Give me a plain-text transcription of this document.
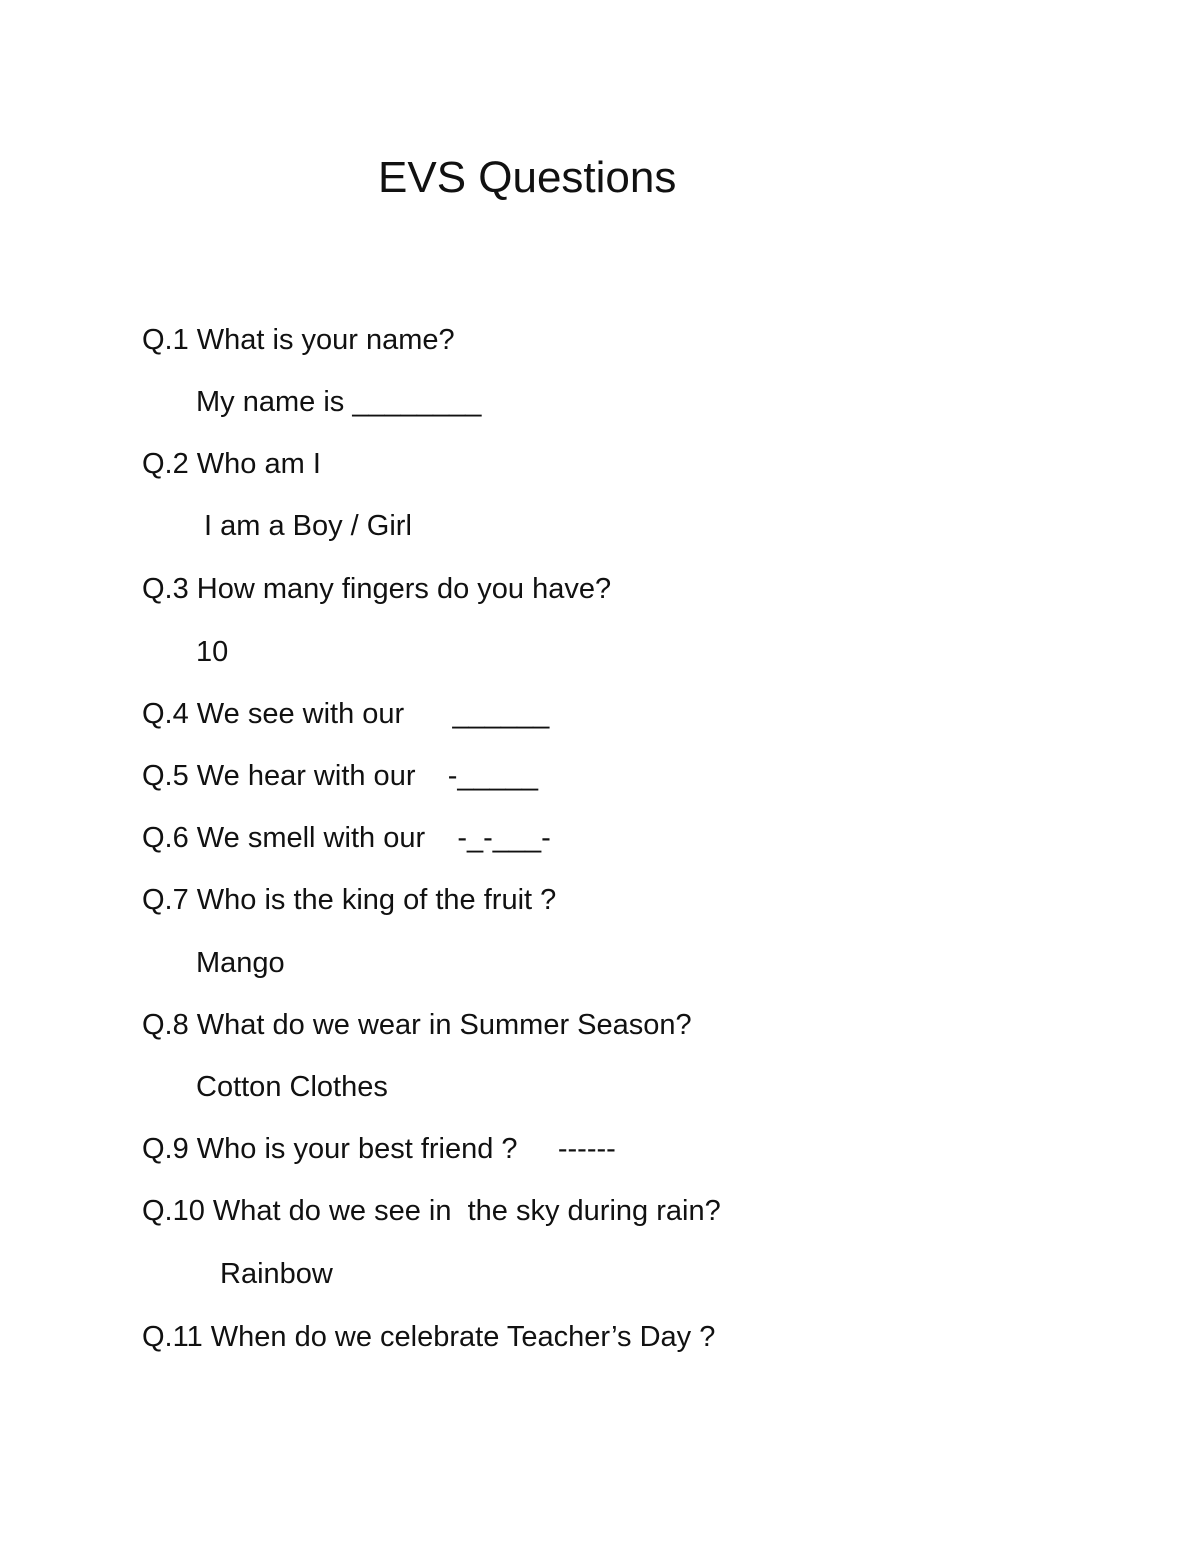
EVS Questions
Q.1 What is your name?
My name is ________
Q.2 Who am I
I am a Boy / Girl
Q.3 How many fingers do you have?
10
Q.4 We see with our      ______
Q.5 We hear with our    -_____
Q.6 We smell with our    -_-___-
Q.7 Who is the king of the fruit ?
Mango
Q.8 What do we wear in Summer Season?
Cotton Clothes
Q.9 Who is your best friend ?     ------
Q.10 What do we see in  the sky during rain?
Rainbow
Q.11 When do we celebrate Teacher’s Day ?
